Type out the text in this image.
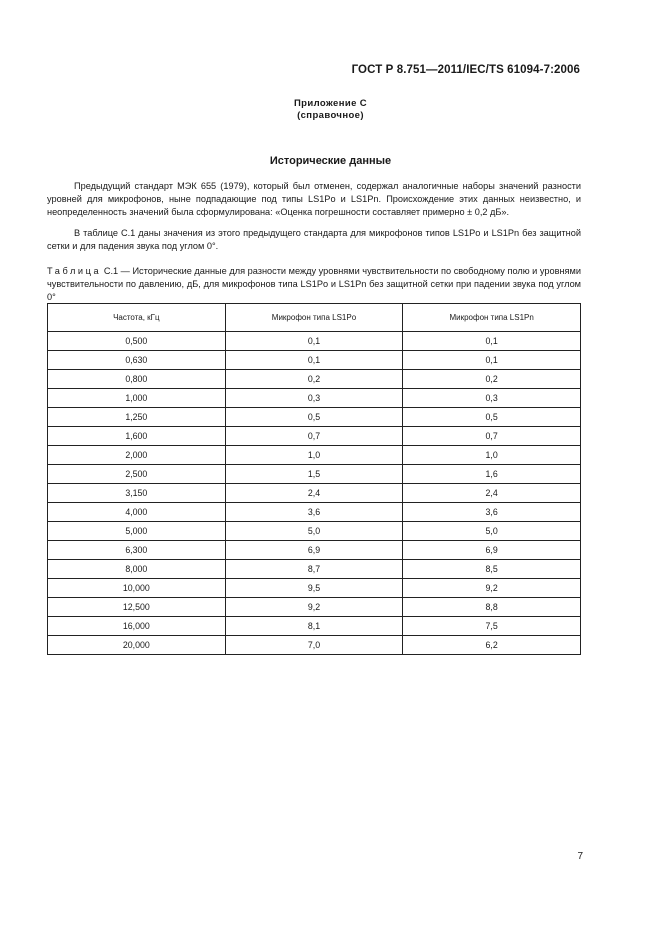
ГОСТ Р 8.751—2011/IEC/TS 61094-7:2006
Приложение С
(справочное)
Исторические данные

Предыдущий стандарт МЭК 655 (1979), который был отменен, содержал аналогичные наборы значений разности уровней для микрофонов, ныне подпадающие под типы LS1Po и LS1Pn. Происхождение этих данных неизвестно, и неопределенность значений была сформулирована: «Оценка погрешности составляет примерно ± 0,2 дБ».

В таблице С.1 даны значения из этого предыдущего стандарта для микрофонов типов LS1Po и LS1Pn без защитной сетки и для падения звука под углом 0°.

Таблица С.1 — Исторические данные для разности между уровнями чувствительности по свободному полю и уровнями чувствительности по давлению, дБ, для микрофонов типа LS1Po и LS1Pn без защитной сетки при падении звука под углом 0°

Частота, кГц	Микрофон типа LS1Po	Микрофон типа LS1Pn
0,500	0,1	0,1
0,630	0,1	0,1
0,800	0,2	0,2
1,000	0,3	0,3
1,250	0,5	0,5
1,600	0,7	0,7
2,000	1,0	1,0
2,500	1,5	1,6
3,150	2,4	2,4
4,000	3,6	3,6
5,000	5,0	5,0
6,300	6,9	6,9
8,000	8,7	8,5
10,000	9,5	9,2
12,500	9,2	8,8
16,000	8,1	7,5
20,000	7,0	6,2
7
